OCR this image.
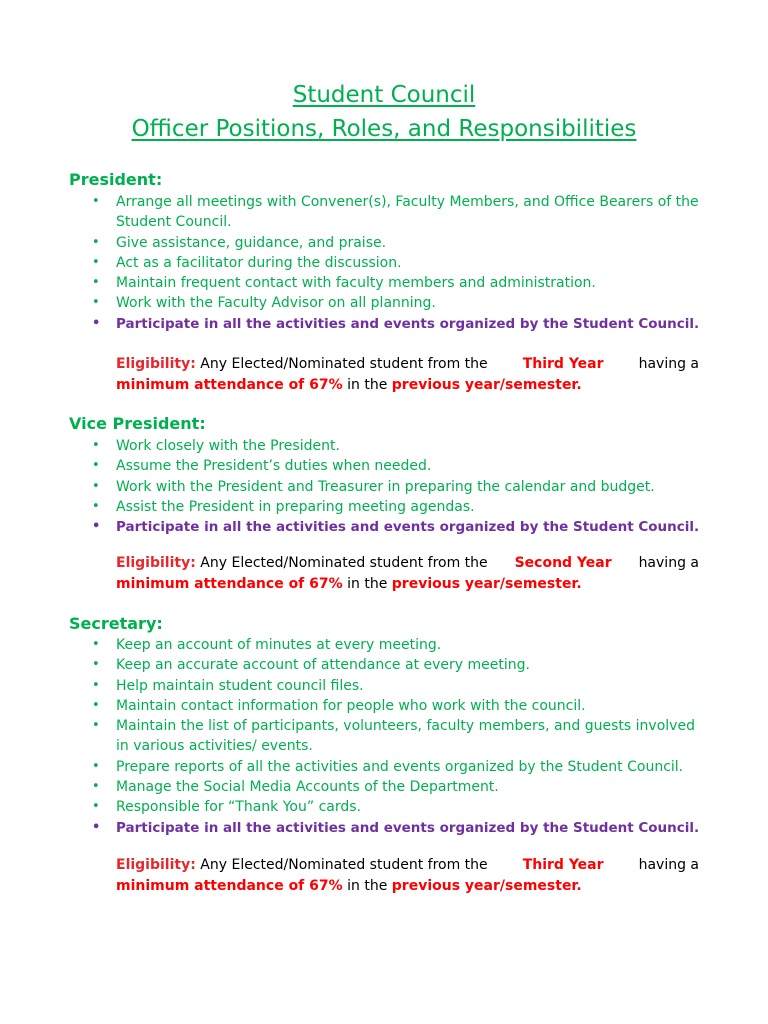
Student Council
Officer Positions, Roles, and Responsibilities
President:
• Arrange all meetings with Convener(s), Faculty Members, and Office Bearers of the Student Council.
• Give assistance, guidance, and praise.
• Act as a facilitator during the discussion.
• Maintain frequent contact with faculty members and administration.
• Work with the Faculty Advisor on all planning.
• Participate in all the activities and events organized by the Student Council.
Eligibility: Any Elected/Nominated student from the	Third Year	having a
minimum attendance of 67% in the previous year/semester.
Vice President:
• Work closely with the President.
• Assume the President’s duties when needed.
• Work with the President and Treasurer in preparing the calendar and budget.
• Assist the President in preparing meeting agendas.
• Participate in all the activities and events organized by the Student Council.
Eligibility: Any Elected/Nominated student from the Second Year having a
minimum attendance of 67% in the previous year/semester.
Secretary:
• Keep an account of minutes at every meeting.
• Keep an accurate account of attendance at every meeting.
• Help maintain student council files.
• Maintain contact information for people who work with the council.
• Maintain the list of participants, volunteers, faculty members, and guests involved in various activities/ events.
• Prepare reports of all the activities and events organized by the Student Council.
• Manage the Social Media Accounts of the Department.
• Responsible for “Thank You” cards.
• Participate in all the activities and events organized by the Student Council.
Eligibility: Any Elected/Nominated student from the	Third Year	having a
minimum attendance of 67% in the previous year/semester.
